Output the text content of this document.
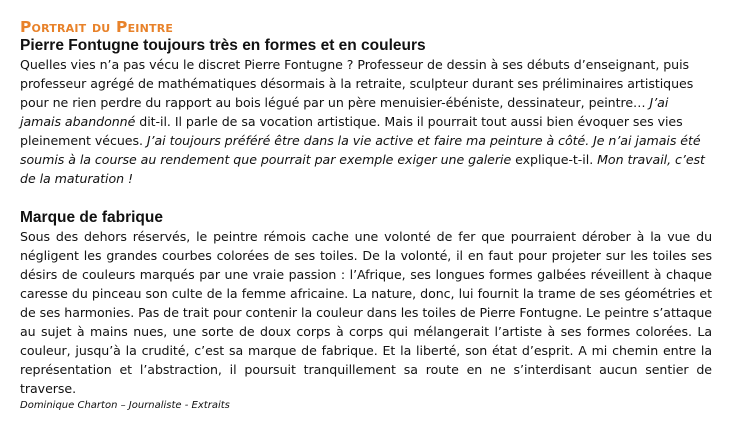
Portrait du Peintre
Pierre Fontugne toujours très en formes et en couleurs

Quelles vies n’a pas vécu le discret Pierre Fontugne ? Professeur de dessin à ses débuts d’enseignant, puis professeur agrégé de mathématiques désormais à la retraite, sculpteur durant ses préliminaires artistiques pour ne rien perdre du rapport au bois légué par un père menuisier-ébéniste, dessinateur, peintre… J’ai jamais abandonné dit-il. Il parle de sa vocation artistique. Mais il pourrait tout aussi bien évoquer ses vies pleinement vécues. J’ai toujours préféré être dans la vie active et faire ma peinture à côté. Je n’ai jamais été soumis à la course au rendement que pourrait par exemple exiger une galerie explique-t-il. Mon travail, c’est de la maturation !

Marque de fabrique

Sous des dehors réservés, le peintre rémois cache une volonté de fer que pourraient dérober à la vue du négligent les grandes courbes colorées de ses toiles. De la volonté, il en faut pour projeter sur les toiles ses désirs de couleurs marqués par une vraie passion : l’Afrique, ses longues formes galbées réveillent à chaque caresse du pinceau son culte de la femme africaine. La nature, donc, lui fournit la trame de ses géométries et de ses harmonies. Pas de trait pour contenir la couleur dans les toiles de Pierre Fontugne. Le peintre s’attaque au sujet à mains nues, une sorte de doux corps à corps qui mélangerait l’artiste à ses formes colorées. La couleur, jusqu’à la crudité, c’est sa marque de fabrique. Et la liberté, son état d’esprit. A mi chemin entre la représentation et l’abstraction, il poursuit tranquillement sa route en ne s’interdisant aucun sentier de traverse.

Dominique Charton – Journaliste - Extraits
